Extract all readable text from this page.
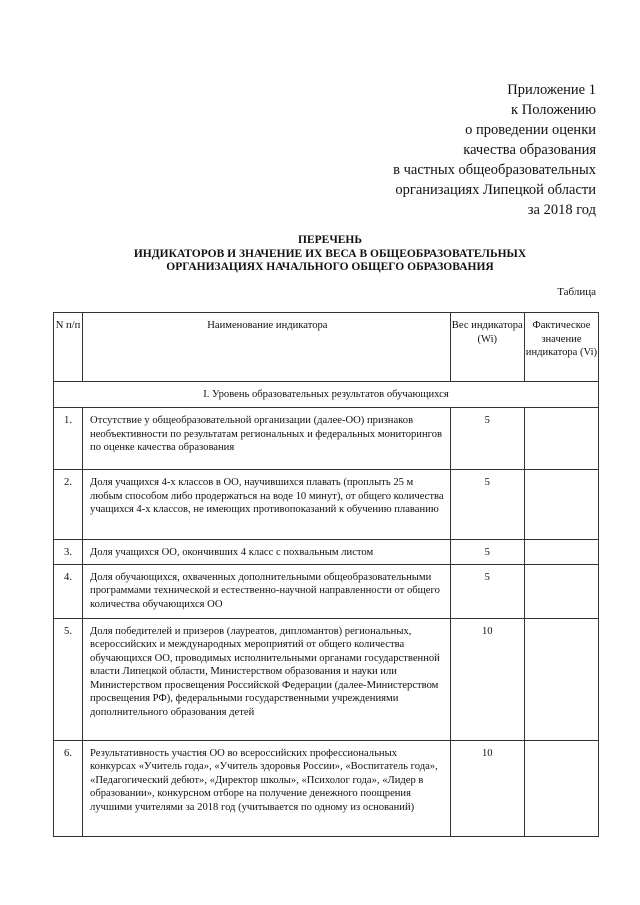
Приложение 1
к Положению
о проведении оценки
качества образования
в частных общеобразовательных
организациях Липецкой области
за 2018 год
ПЕРЕЧЕНЬ
ИНДИКАТОРОВ И ЗНАЧЕНИЕ ИХ ВЕСА В ОБЩЕОБРАЗОВАТЕЛЬНЫХ
ОРГАНИЗАЦИЯХ НАЧАЛЬНОГО ОБЩЕГО ОБРАЗОВАНИЯ
Таблица
N п/п	Наименование индикатора	Вес индикатора (Wi)	Фактическое значение индикатора (Vi)
I. Уровень образовательных результатов обучающихся			
1.	Отсутствие у общеобразовательной организации (далее-ОО) признаков необъективности по результатам региональных и федеральных мониторингов по оценке качества образования	5	
2.	Доля учащихся 4-х классов в ОО, научившихся плавать (проплыть 25 м любым способом либо продержаться на воде 10 минут), от общего количества учащихся 4-х классов, не имеющих противопоказаний к обучению плаванию	5	
3.	Доля учащихся ОО, окончивших 4 класс с похвальным листом	5	
4.	Доля обучающихся, охваченных дополнительными общеобразовательными программами технической и естественно-научной направленности от общего количества обучающихся ОО	5	
5.	Доля победителей и призеров (лауреатов, дипломантов) региональных, всероссийских и международных мероприятий от общего количества обучающихся ОО, проводимых исполнительными органами государственной власти Липецкой области, Министерством образования и науки или Министерством просвещения Российской Федерации (далее-Министерством просвещения РФ), федеральными государственными учреждениями дополнительного образования детей	10	
6.	Результативность участия ОО во всероссийских профессиональных конкурсах «Учитель года», «Учитель здоровья России», «Воспитатель года», «Педагогический дебют», «Директор школы», «Психолог года», «Лидер в образовании», конкурсном отборе на получение денежного поощрения лучшими учителями за 2018 год (учитывается по одному из оснований)	10	
